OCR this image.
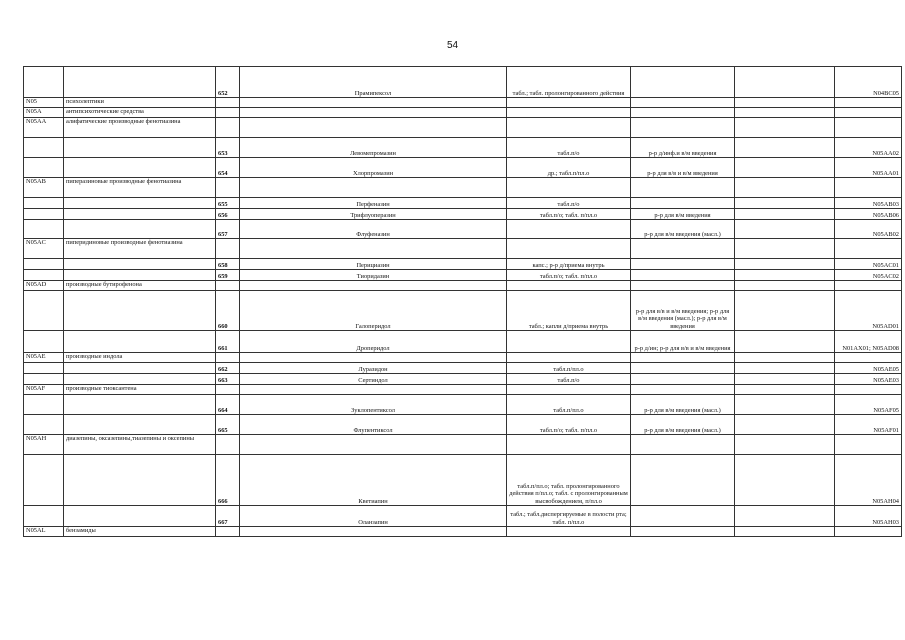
54
		652	Прамипексол	табл.; табл. пролонгированного действия			N04BC05
N05	психолептики						
N05A	антипсихотические средства						
N05AA	алифатические производные фенотиазина						
		653	Левомепромазин	табл.п/о	р-р д/инф.и в/м введения		N05AA02
		654	Хлорпромазин	др.; табл.п/пл.о	р-р для в/в и в/м введения		N05AA01
N05AB	пиперазиновые производные фенотиазина						
		655	Перфеназин	табл.п/о			N05AB03
		656	Трифлуоперазин	табл.п/о; табл. п/пл.о	р-р для в/м введения		N05AB06
		657	Флуфеназин		р-р для в/м введения (масл.)		N05AB02
N05AC	пиперидиновые производные фенотиазина						
		658	Перициазин	капс.; р-р д/приема внутрь			N05AC01
		659	Тиоридазин	табл.п/о; табл. п/пл.о			N05AC02
N05AD	производные бутирофенона						
		660	Галоперидол	табл.; капли д/приема внутрь	р-р для в/в и в/м введения; р-р для в/м введения (масл.); р-р для в/м введения		N05AD01
		661	Дроперидол		р-р д/ин; р-р для в/в и в/м введения		N01AX01; N05AD08
N05AE	производные индола						
		662	Луразидон	табл.п/пл.о			N05AE05
		663	Сертиндол	табл.п/о			N05AE03
N05AF	производные тиоксантена						
		664	Зуклопентиксол	табл.п/пл.о	р-р для в/м введения (масл.)		N05AF05
		665	Флупентиксол	табл.п/о; табл. п/пл.о	р-р для в/м введения (масл.)		N05AF01
N05AH	диазепины, оксазепины,тиазепины и оксепины						
		666	Кветиапин	табл.п/пл.о; табл. пролонгированного действия п/пл.о; табл. с пролонгированным высвобождением, п/пл.о			N05AH04
		667	Оланзапин	табл.; табл.диспергируемые в полости рта; табл. п/пл.о			N05AH03
N05AL	бензамиды						
